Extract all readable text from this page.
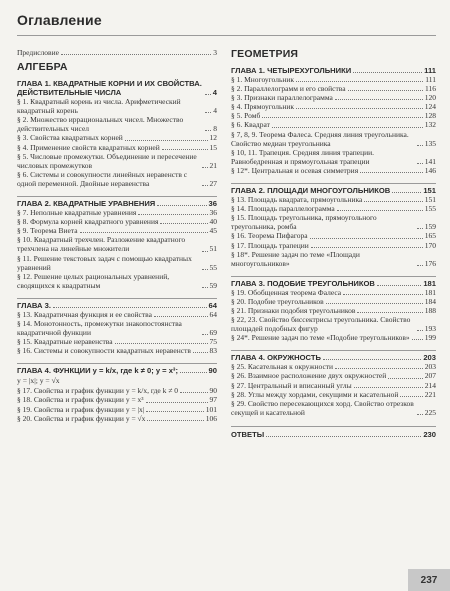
Оглавление
Предисловие	3
АЛГЕБРА
ГЛАВА 1. КВАДРАТНЫЕ КОРНИ И ИХ СВОЙСТВА. ДЕЙСТВИТЕЛЬНЫЕ ЧИСЛА	4
§ 1. Квадратный корень из числа. Арифметический квадратный корень	4
§ 2. Множество иррациональных чисел. Множество действительных чисел	8
§ 3. Свойства квадратных корней	12
§ 4. Применение свойств квадратных корней	15
§ 5. Числовые промежутки. Объединение и пересечение числовых промежутков	21
§ 6. Системы и совокупности линейных неравенств с одной переменной. Двойные неравенства	27
ГЛАВА 2. КВАДРАТНЫЕ УРАВНЕНИЯ	36
§ 7. Неполные квадратные уравнения	36
§ 8. Формула корней квадратного уравнения	40
§ 9. Теорема Виета	45
§ 10. Квадратный трехчлен. Разложение квадратного трехчлена на линейные множители	51
§ 11. Решение текстовых задач с помощью квадратных уравнений	55
§ 12. Решение целых рациональных уравнений, сводящихся к квадратным	59
ГЛАВА 3.	64
§ 13. Квадратичная функция и ее свойства	64
§ 14. Монотонность, промежутки знакопостоянства квадратичной функции	69
§ 15. Квадратные неравенства	75
§ 16. Системы и совокупности квадратных неравенств 83
ГЛАВА 4. ФУНКЦИИ y = k/x, где k ≠ 0; y = x³;	90
y = |x|; y = √x
§ 17. Свойства и график функции y = k/x, где k ≠ 0	90
§ 18. Свойства и график функции y = x³	97
§ 19. Свойства и график функции y = |x|	101
§ 20. Свойства и график функции y = √x	106
ГЕОМЕТРИЯ
ГЛАВА 1. ЧЕТЫРЕХУГОЛЬНИКИ	111
§ 1. Многоугольник	111
§ 2. Параллелограмм и его свойства	116
§ 3. Признаки параллелограмма	120
§ 4. Прямоугольник	124
§ 5. Ромб	128
§ 6. Квадрат	132
§ 7, 8, 9. Теорема Фалеса. Средняя линия треугольника. Свойство медиан треугольника	135
§ 10, 11. Трапеция. Средняя линия трапеции. Равнобедренная и прямоугольная трапеции	141
§ 12*. Центральная и осевая симметрия	146
ГЛАВА 2. ПЛОЩАДИ МНОГОУГОЛЬНИКОВ	151
§ 13. Площадь квадрата, прямоугольника	151
§ 14. Площадь параллелограмма	155
§ 15. Площадь треугольника, прямоугольного треугольника, ромба	159
§ 16. Теорема Пифагора	165
§ 17. Площадь трапеции	170
§ 18*. Решение задач по теме «Площади многоугольников»	176
ГЛАВА 3. ПОДОБИЕ ТРЕУГОЛЬНИКОВ	181
§ 19. Обобщенная теорема Фалеса	181
§ 20. Подобие треугольников	184
§ 21. Признаки подобия треугольников	188
§ 22, 23. Свойство биссектрисы треугольника. Свойство площадей подобных фигур	193
§ 24*. Решение задач по теме «Подобие треугольников» 199
ГЛАВА 4. ОКРУЖНОСТЬ	203
§ 25. Касательная к окружности	203
§ 26. Взаимное расположение двух окружностей	207
§ 27. Центральный и вписанный углы	214
§ 28. Углы между хордами, секущими и касательной	221
§ 29. Свойство пересекающихся хорд. Свойство отрезков секущей и касательной	225
ОТВЕТЫ	230
237
